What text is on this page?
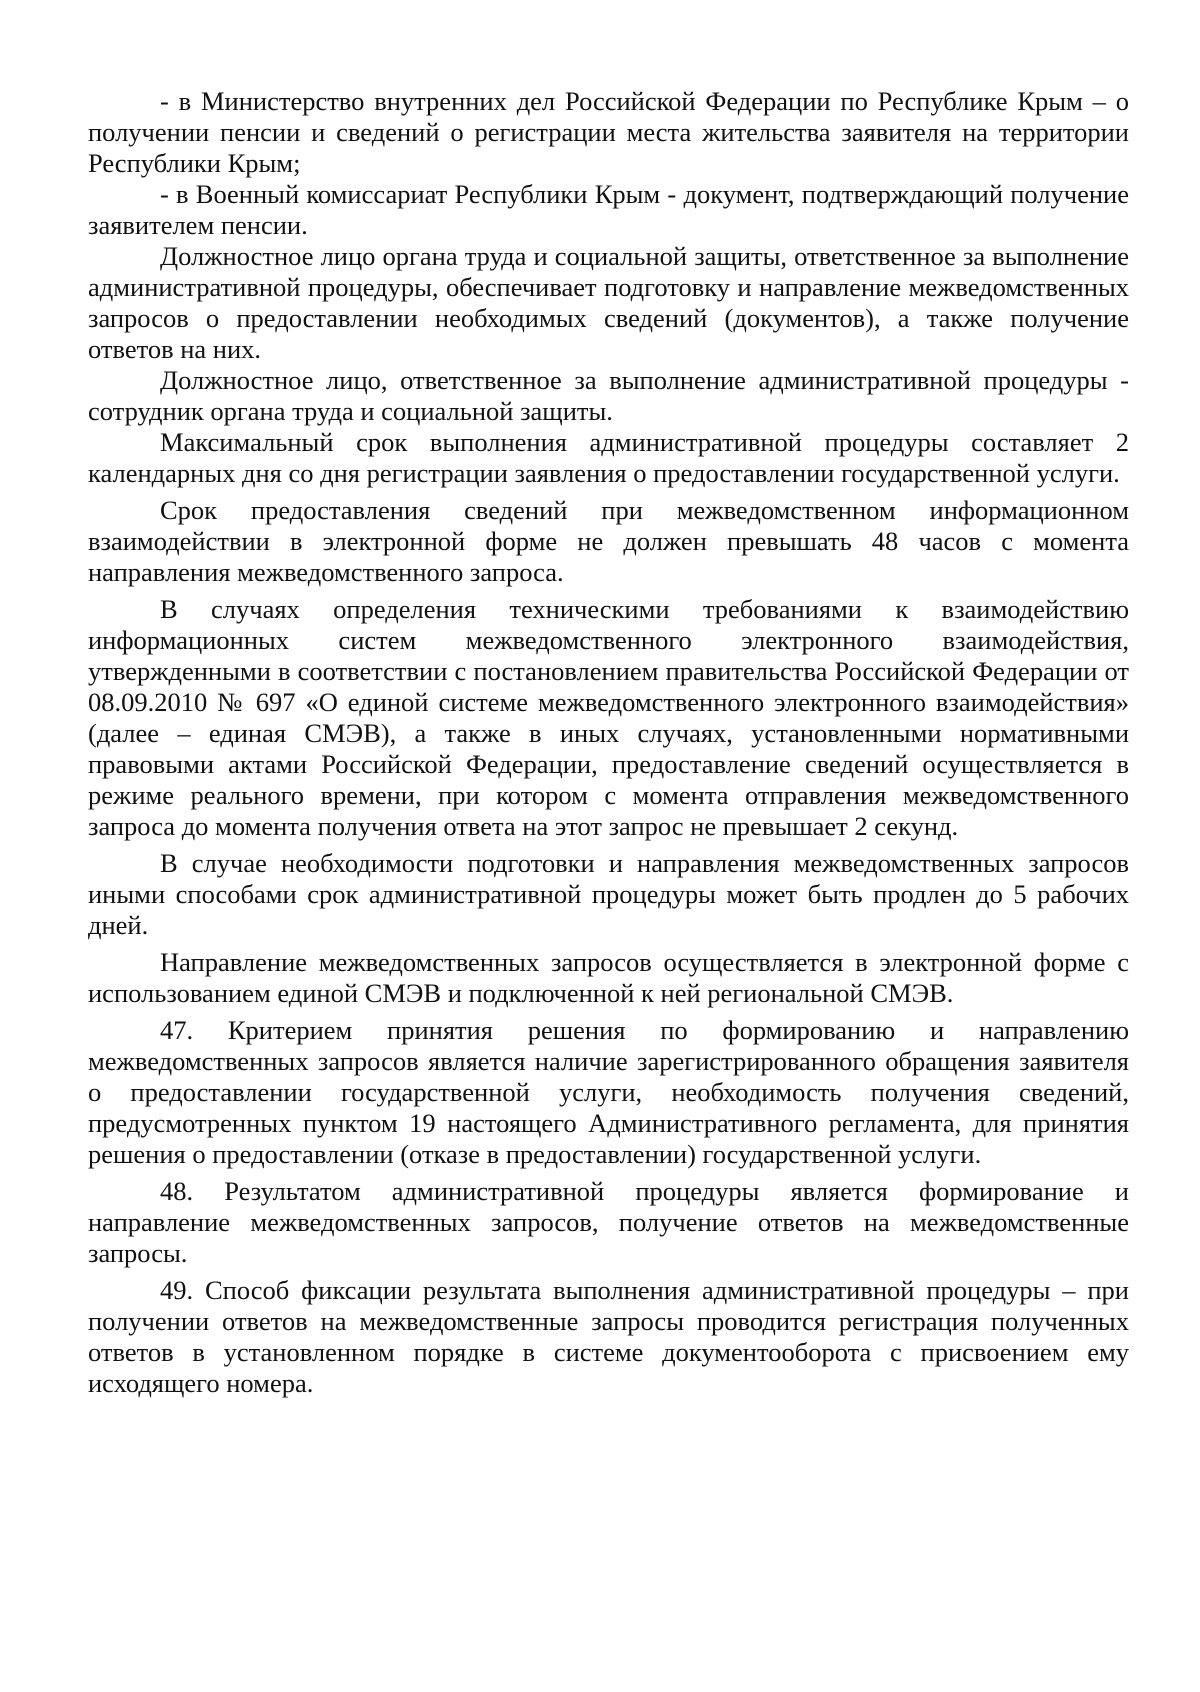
- в Министерство внутренних дел Российской Федерации по Республике Крым – о получении пенсии и сведений о регистрации места жительства заявителя на территории Республики Крым;

- в Военный комиссариат Республики Крым - документ, подтверждающий получение заявителем пенсии.

Должностное лицо органа труда и социальной защиты, ответственное за выполнение административной процедуры, обеспечивает подготовку и направление межведомственных запросов о предоставлении необходимых сведений (документов), а также получение ответов на них.

Должностное лицо, ответственное за выполнение административной процедуры - сотрудник органа труда и социальной защиты.

Максимальный срок выполнения административной процедуры составляет 2 календарных дня со дня регистрации заявления о предоставлении государственной услуги.

Срок предоставления сведений при межведомственном информационном взаимодействии в электронной форме не должен превышать 48 часов с момента направления межведомственного запроса.

В случаях определения техническими требованиями к взаимодействию информационных систем межведомственного электронного взаимодействия, утвержденными в соответствии с постановлением правительства Российской Федерации от 08.09.2010 № 697 «О единой системе межведомственного электронного взаимодействия» (далее – единая СМЭВ), а также в иных случаях, установленными нормативными правовыми актами Российской Федерации, предоставление сведений осуществляется в режиме реального времени, при котором с момента отправления межведомственного запроса до момента получения ответа на этот запрос не превышает 2 секунд.

В случае необходимости подготовки и направления межведомственных запросов иными способами срок административной процедуры может быть продлен до 5 рабочих дней.

Направление межведомственных запросов осуществляется в электронной форме с использованием единой СМЭВ и подключенной к ней региональной СМЭВ.

47. Критерием принятия решения по формированию и направлению межведомственных запросов является наличие зарегистрированного обращения заявителя о предоставлении государственной услуги, необходимость получения сведений, предусмотренных пунктом 19 настоящего Административного регламента, для принятия решения о предоставлении (отказе в предоставлении) государственной услуги.

48. Результатом административной процедуры является формирование и направление межведомственных запросов, получение ответов на межведомственные запросы.

49. Способ фиксации результата выполнения административной процедуры – при получении ответов на межведомственные запросы проводится регистрация полученных ответов в установленном порядке в системе документооборота с присвоением ему исходящего номера.
